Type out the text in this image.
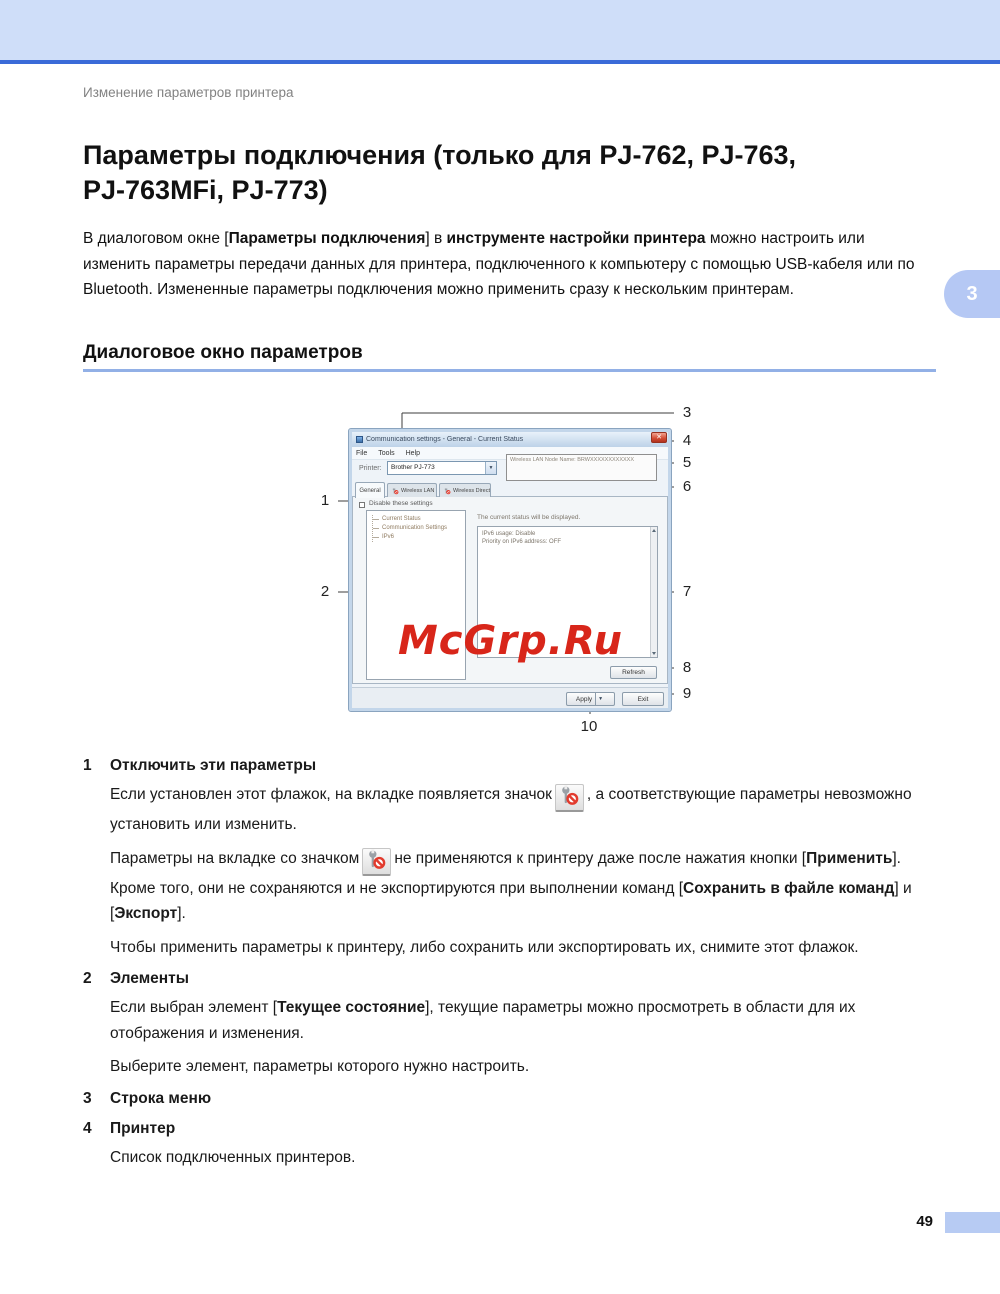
Изменение параметров принтера
Параметры подключения (только для PJ-762, PJ-763,
PJ-763MFi, PJ-773)
В диалоговом окне [Параметры подключения] в инструменте настройки принтера можно настроить или изменить параметры передачи данных для принтера, подключенного к компьютеру с помощью USB-кабеля или по Bluetooth. Измененные параметры подключения можно применить сразу к нескольким принтерам.	3
Диалоговое окно параметров
1
2
3
4
5
6
7
8
9
10
McGrp.Ru
Communication settings - General - Current Status	✕
File Tools Help
Printer:	Brother PJ-773	▼
Wireless LAN Node Name: BRWXXXXXXXXXXXX
General	Wireless LAN	Wireless Direct
Disable these settings
Current Status
Communication Settings
IPv6
The current status will be displayed.
IPv6 usage: Disable
Priority on IPv6 address: OFF
Refresh
Apply	▼	Exit
1	Отключить эти параметры

Если установлен этот флажок, на вкладке появляется значок , а соответствующие параметры невозможно установить или изменить.

Параметры на вкладке со значком не применяются к принтеру даже после нажатия кнопки [Применить]. Кроме того, они не сохраняются и не экспортируются при выполнении команд [Сохранить в файле команд] и [Экспорт].

Чтобы применить параметры к принтеру, либо сохранить или экспортировать их, снимите этот флажок.

2	Элементы

Если выбран элемент [Текущее состояние], текущие параметры можно просмотреть в области для их отображения и изменения.

Выберите элемент, параметры которого нужно настроить.

3	Строка меню
4	Принтер

Список подключенных принтеров.

49
